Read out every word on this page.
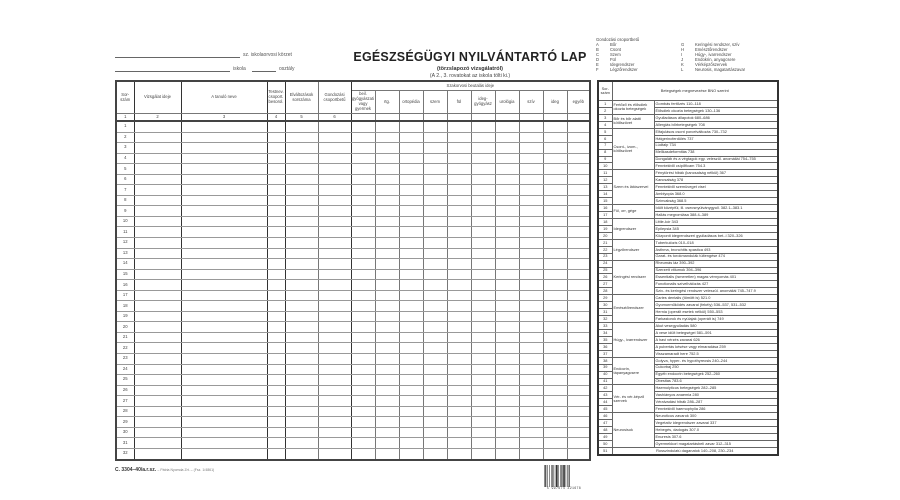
sz. iskolaorvosi körzet
iskola	osztály
EGÉSZSÉGÜGYI NYILVÁNTARTÓ LAP
(törzslapozó vizsgálatról)
(A 2., 3. rovatokat az iskola tölti ki.)
Sor-
szám	Vizsgálat ideje	A tanuló neve	Testnev. csoport. besorol.	Elváltozások sorszáma	Gondozási csoportbetű	Szakorvosi beutalás ideje									
						beil. gyógyászati vagy gyermek	rtg.	ortopédia	szem	fül	ideg-gyógyász	urológia	szív	ideg	egyéb
1	2	3	4	5	6										
1															
2															
3															
4															
5															
6															
7															
8															
9															
10															
11															
12															
13															
14															
15															
16															
17															
18															
19															
20															
21															
22															
23															
24															
25															
26															
27															
28															
29															
30															
31															
32															
Gondozási csoportbetű
A	Bőr
B	Csont
C	Szem
D	Fül
E	Idegrendszer
F	Légzőrendszer
G	Keringési rendszer, szív
H	Emésztőrendszer
I	Húgy-, ivarrendszer
J	Endokrin, anyagcsere
K	Vérképzőszervek
L	Neurosis, magatartászavar
Sor-
szám	Betegségek megnevezése BNO szerint	
1	Fertőző és élősdiek okozta betegségek	Gombás fertőzés 110–118
2		Élősdiek okozta betegségek 130–136
3	Bőr és bőr alatti kötőszövet	Gyulladásos állapotok 680–686
4		Allergiás bőrbetegségek 708
5	Csont-, izom-, kötőszövet	Elfajulásos csont porcelváltozás 730–732
6		Hátgerincferdülés 737
7		Lúdtalp 734
8		Mellkasdeformitás 738
9		Dongaláb és a végtagok egy. veleszül. anomáliái 754–755
10		Fenntekből csípőficam 754.3
11	Szem és látószervei	Fénytörési hibák (kancsalság nélkül) 367
12		Kancsalság 378
13		Fenntekből szemüveget visel
14		Amblyopia 368.0
15		Színvakság 368.5
16	Fül, orr, gége	Idült középfül, ill. csecsnyúlványgyull. 382.1–383.1
17		Hallás megromlása 388.4–389
18	Idegrendszer	Little-kór 343
19		Epilepsia 345
20		Központi idegrendszeri gyulladásos bet.-i 320–326
21	Légzőrendszer	Tuberkulózis 010–018
22		Asthma, bronchitis spastica 493
23		Garat- és torokmandulák túltengése 474
24	Keringési rendszer	Rheumás láz 390–392
25		Szerzett vitiumok 394–396
26		Essentialis (ismeretlen) magas vérnyomás 401
27		Functionalis szívelhálózás 427
28		Szív- és keringési rendszer veleszül. anomáliái 745–747.9
29	Emésztőrendszer	Caries dentalis (tömött is) 521.0
30		Gyomorműködés zavarai (fekély) 536–537, 531–532
31		Hernia (operált esetek nélkül) 550–553
32		Farkastorok és nyúlajak (operált is) 749
33	Húgy-, ivarrendszer	Akut vesegyulladás 580
34		A vese idült betegségei 581–591
35		A havi vérzés zavarai 626
36		A pubertás késése vagy elmaradása 259
37		Visszamaradt here 752.5
38	Endocrin, tápanyagcsere	Golyva, hyper- és hypothyreosis 240–244
39		Cukorbaj 250
40		Egyéb endocrin betegségek 252–260
41		Obesitas 783.6
42	Vér- és vér-képző szervek	Haemolyticus betegségek 282–285
43		Vashiányos anaemia 280
44		Véralvadási hibák 286–287
45		Fenntekből haemophylia 286
46	Neurosisok	Neuroticus zavarok 300
47		Vegetatív idegrendszer zavarai 337
48		Hebegés, dadogás 307.0
49		Enuresis 307.6
50		Gyermekkori magatartásbeli zavar 312–315
51	Rosszindulatú daganatok 140–208, 230–234	
C. 3304–40/a.r.sz. – Pátria Nyomda Zrt. – (Fsz. 1/4861)
5 997674 321678
